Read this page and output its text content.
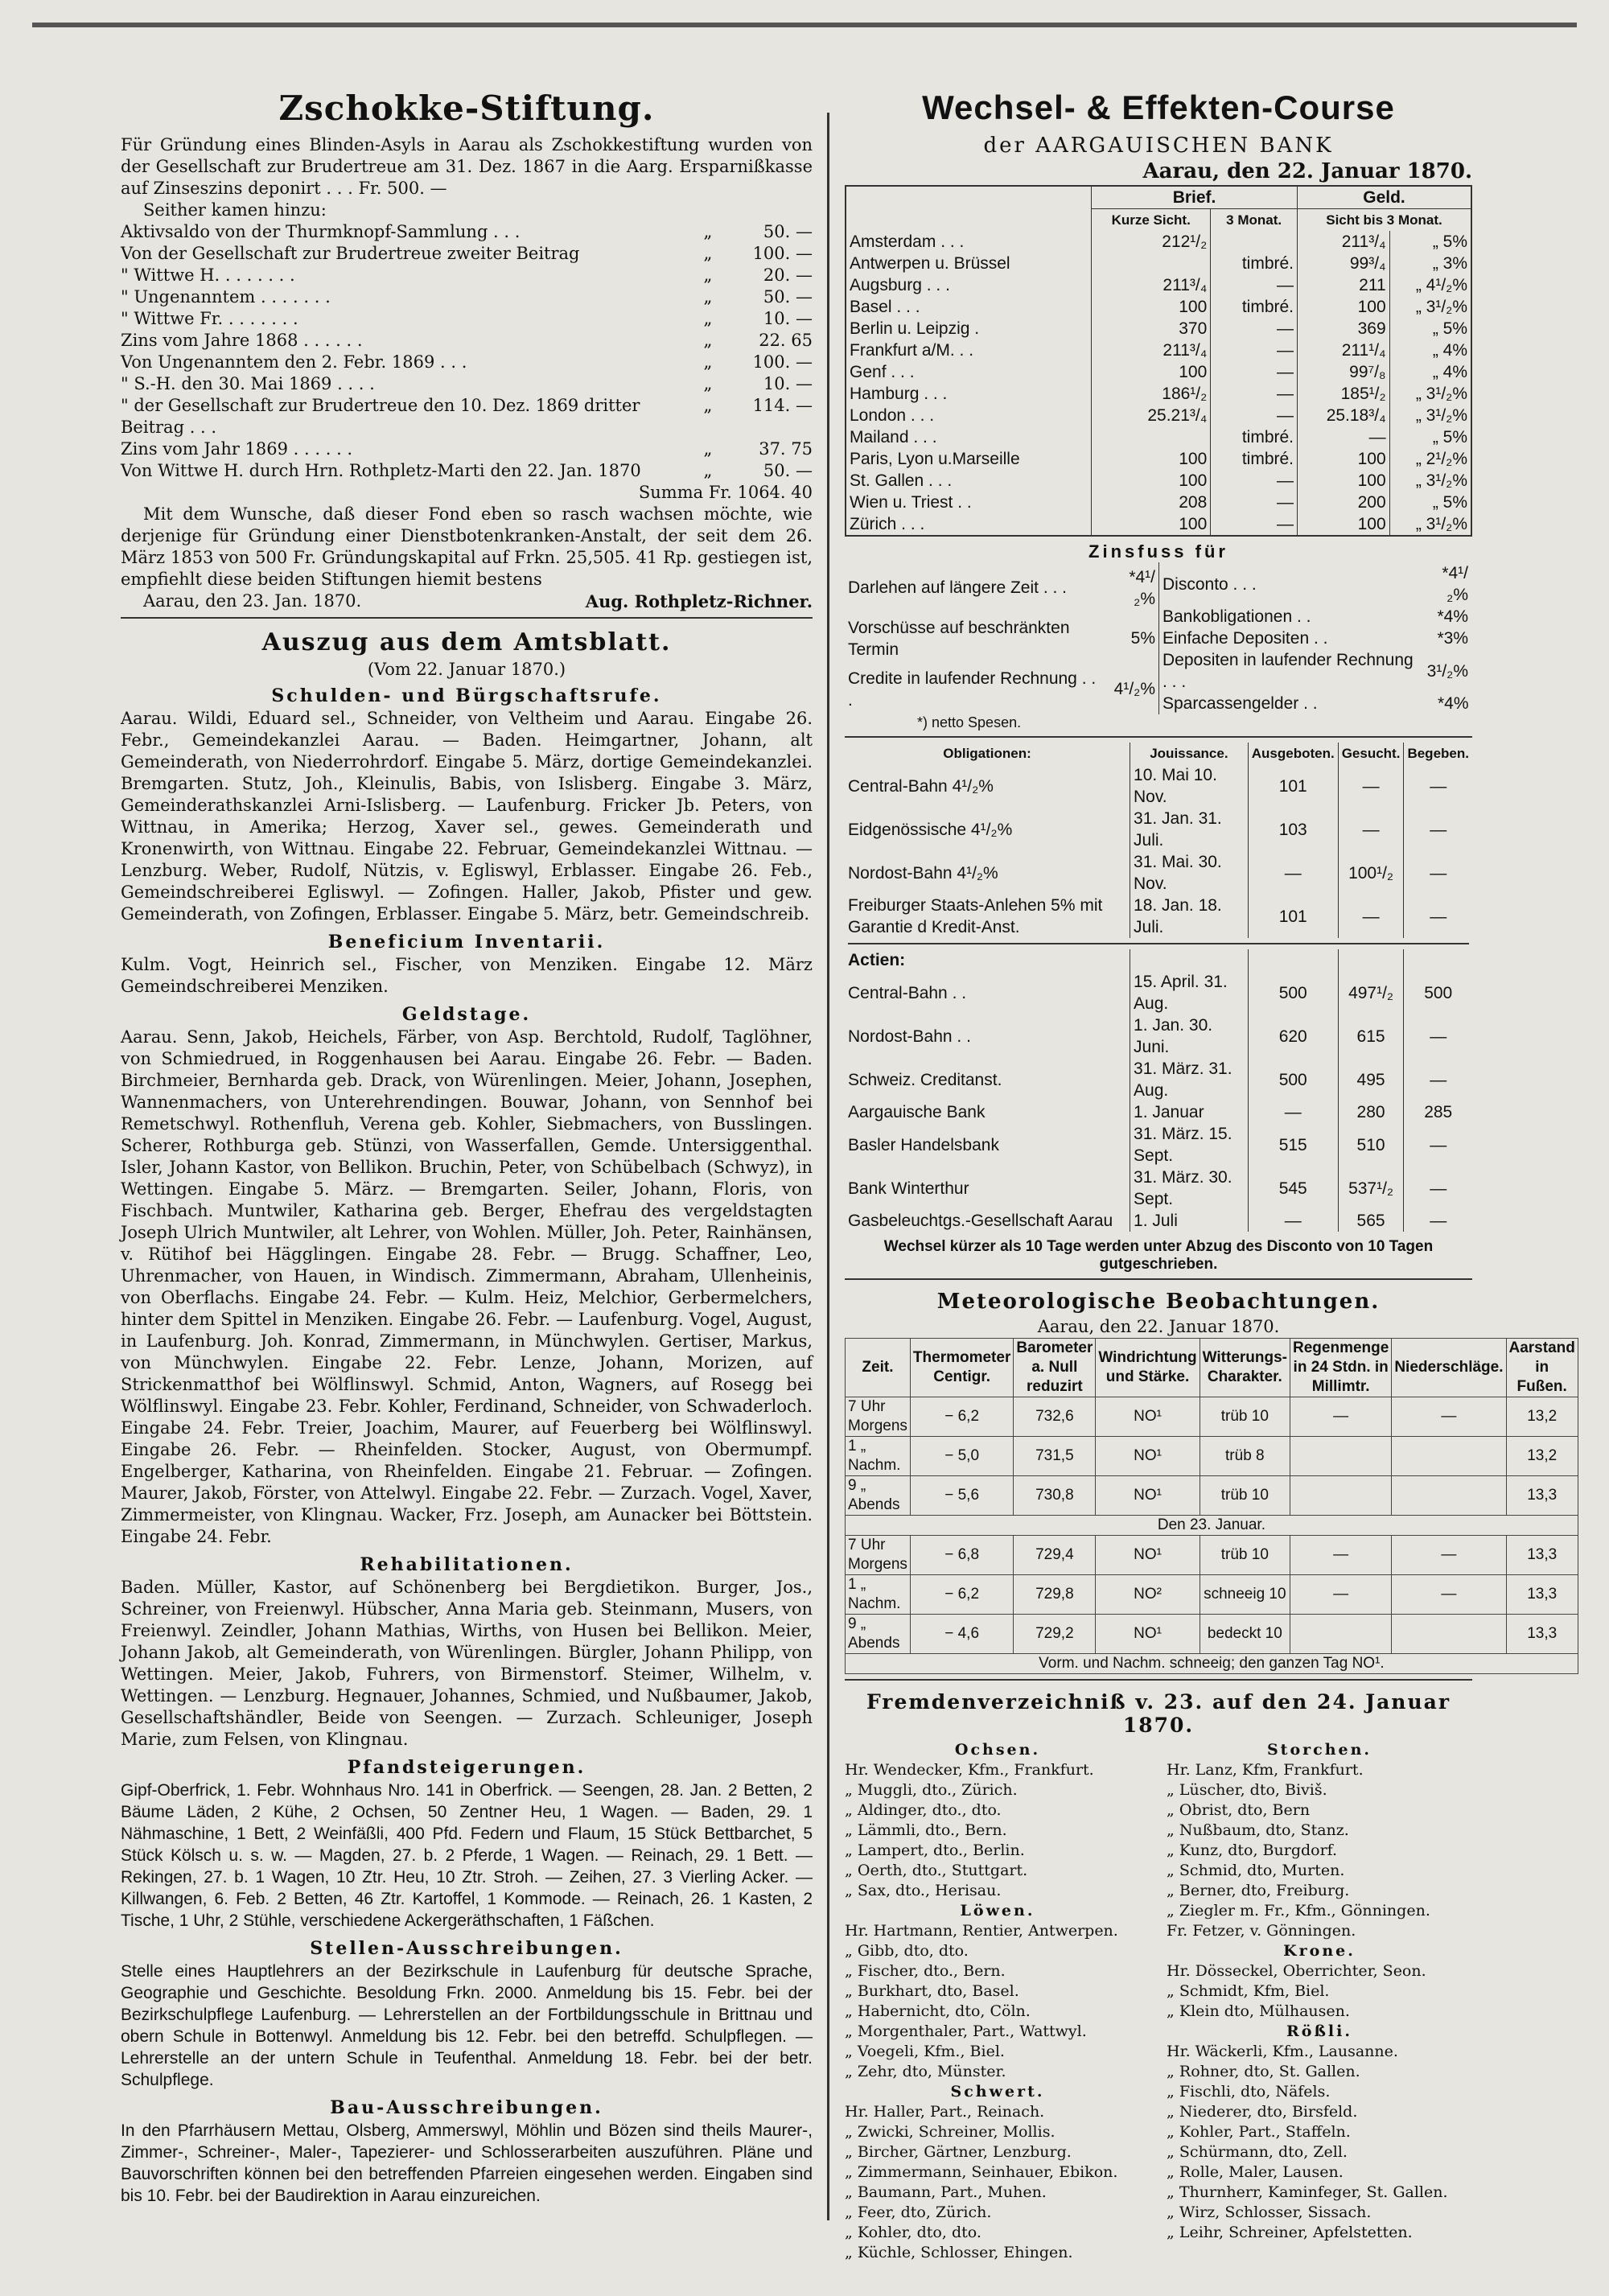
Zschokke-Stiftung.

Für Gründung eines Blinden-Asyls in Aarau als Zschokkestiftung wurden von der Gesellschaft zur Brudertreue am 31. Dez. 1867 in die Aarg. Ersparnißkasse auf Zinseszins deponirt . . . Fr. 500. —

Seither kamen hinzu:

Aktivsaldo von der Thurmknopf-Sammlung . . .	„	50. —
Von der Gesellschaft zur Brudertreue zweiter Beitrag	„	100. —
" Wittwe H. . . . . . . .	„	20. —
" Ungenanntem . . . . . . .	„	50. —
" Wittwe Fr. . . . . . . .	„	10. —
Zins vom Jahre 1868 . . . . . .	„	22. 65
Von Ungenanntem den 2. Febr. 1869 . . .	„	100. —
" S.-H. den 30. Mai 1869 . . . .	„	10. —
" der Gesellschaft zur Brudertreue den 10. Dez. 1869 dritter Beitrag . . .
„	114. —
Zins vom Jahr 1869 . . . . . .	„	37. 75
Von Wittwe H. durch Hrn. Rothpletz-Marti den 22. Jan. 1870	„	50. —
Summa Fr. 1064. 40

Mit dem Wunsche, daß dieser Fond eben so rasch wachsen möchte, wie derjenige für Gründung einer Dienstbotenkranken-Anstalt, der seit dem 26. März 1853 von 500 Fr. Gründungskapital auf Frkn. 25,505. 41 Rp. gestiegen ist, empfiehlt diese beiden Stiftungen hiemit bestens

Aarau, den 23. Jan. 1870.	Aug. Rothpletz-Richner.
Auszug aus dem Amtsblatt.
(Vom 22. Januar 1870.)
Schulden- und Bürgschaftsrufe.

Aarau. Wildi, Eduard sel., Schneider, von Veltheim und Aarau. Eingabe 26. Febr., Gemeindekanzlei Aarau. — Baden. Heimgartner, Johann, alt Gemeinderath, von Niederrohrdorf. Eingabe 5. März, dortige Gemeindekanzlei. Bremgarten. Stutz, Joh., Kleinulis, Babis, von Islisberg. Eingabe 3. März, Gemeinderathskanzlei Arni-Islisberg. — Laufenburg. Fricker Jb. Peters, von Wittnau, in Amerika; Herzog, Xaver sel., gewes. Gemeinderath und Kronenwirth, von Wittnau. Eingabe 22. Februar, Gemeindekanzlei Wittnau. — Lenzburg. Weber, Rudolf, Nützis, v. Egliswyl, Erblasser. Eingabe 26. Feb., Gemeindschreiberei Egliswyl. — Zofingen. Haller, Jakob, Pfister und gew. Gemeinderath, von Zofingen, Erblasser. Eingabe 5. März, betr. Gemeindschreib.

Beneficium Inventarii.

Kulm. Vogt, Heinrich sel., Fischer, von Menziken. Eingabe 12. März Gemeindschreiberei Menziken.

Geldstage.

Aarau. Senn, Jakob, Heichels, Färber, von Asp. Berchtold, Rudolf, Taglöhner, von Schmiedrued, in Roggenhausen bei Aarau. Eingabe 26. Febr. — Baden. Birchmeier, Bernharda geb. Drack, von Würenlingen. Meier, Johann, Josephen, Wannenmachers, von Unterehrendingen. Bouwar, Johann, von Sennhof bei Remetschwyl. Rothenfluh, Verena geb. Kohler, Siebmachers, von Busslingen. Scherer, Rothburga geb. Stünzi, von Wasserfallen, Gemde. Untersiggenthal. Isler, Johann Kastor, von Bellikon. Bruchin, Peter, von Schübelbach (Schwyz), in Wettingen. Eingabe 5. März. — Bremgarten. Seiler, Johann, Floris, von Fischbach. Muntwiler, Katharina geb. Berger, Ehefrau des vergeldstagten Joseph Ulrich Muntwiler, alt Lehrer, von Wohlen. Müller, Joh. Peter, Rainhänsen, v. Rütihof bei Hägglingen. Eingabe 28. Febr. — Brugg. Schaffner, Leo, Uhrenmacher, von Hauen, in Windisch. Zimmermann, Abraham, Ullenheinis, von Oberflachs. Eingabe 24. Febr. — Kulm. Heiz, Melchior, Gerbermelchers, hinter dem Spittel in Menziken. Eingabe 26. Febr. — Laufenburg. Vogel, August, in Laufenburg. Joh. Konrad, Zimmermann, in Münchwylen. Gertiser, Markus, von Münchwylen. Eingabe 22. Febr. Lenze, Johann, Morizen, auf Strickenmatthof bei Wölflinswyl. Schmid, Anton, Wagners, auf Rosegg bei Wölflinswyl. Eingabe 23. Febr. Kohler, Ferdinand, Schneider, von Schwaderloch. Eingabe 24. Febr. Treier, Joachim, Maurer, auf Feuerberg bei Wölflinswyl. Eingabe 26. Febr. — Rheinfelden. Stocker, August, von Obermumpf. Engelberger, Katharina, von Rheinfelden. Eingabe 21. Februar. — Zofingen. Maurer, Jakob, Förster, von Attelwyl. Eingabe 22. Febr. — Zurzach. Vogel, Xaver, Zimmermeister, von Klingnau. Wacker, Frz. Joseph, am Aunacker bei Böttstein. Eingabe 24. Febr.

Rehabilitationen.

Baden. Müller, Kastor, auf Schönenberg bei Bergdietikon. Burger, Jos., Schreiner, von Freienwyl. Hübscher, Anna Maria geb. Steinmann, Musers, von Freienwyl. Zeindler, Johann Mathias, Wirths, von Husen bei Bellikon. Meier, Johann Jakob, alt Gemeinderath, von Würenlingen. Bürgler, Johann Philipp, von Wettingen. Meier, Jakob, Fuhrers, von Birmenstorf. Steimer, Wilhelm, v. Wettingen. — Lenzburg. Hegnauer, Johannes, Schmied, und Nußbaumer, Jakob, Gesellschaftshändler, Beide von Seengen. — Zurzach. Schleuniger, Joseph Marie, zum Felsen, von Klingnau.

Pfandsteigerungen.

Gipf-Oberfrick, 1. Febr. Wohnhaus Nro. 141 in Oberfrick. — Seengen, 28. Jan. 2 Betten, 2 Bäume Läden, 2 Kühe, 2 Ochsen, 50 Zentner Heu, 1 Wagen. — Baden, 29. 1 Nähmaschine, 1 Bett, 2 Weinfäßli, 400 Pfd. Federn und Flaum, 15 Stück Bettbarchet, 5 Stück Kölsch u. s. w. — Magden, 27. b. 2 Pferde, 1 Wagen. — Reinach, 29. 1 Bett. — Rekingen, 27. b. 1 Wagen, 10 Ztr. Heu, 10 Ztr. Stroh. — Zeihen, 27. 3 Vierling Acker. — Killwangen, 6. Feb. 2 Betten, 46 Ztr. Kartoffel, 1 Kommode. — Reinach, 26. 1 Kasten, 2 Tische, 1 Uhr, 2 Stühle, verschiedene Ackergeräthschaften, 1 Fäßchen.

Stellen-Ausschreibungen.

Stelle eines Hauptlehrers an der Bezirkschule in Laufenburg für deutsche Sprache, Geographie und Geschichte. Besoldung Frkn. 2000. Anmeldung bis 15. Febr. bei der Bezirkschulpflege Laufenburg. — Lehrerstellen an der Fortbildungsschule in Brittnau und obern Schule in Bottenwyl. Anmeldung bis 12. Febr. bei den betreffd. Schulpflegen. — Lehrerstelle an der untern Schule in Teufenthal. Anmeldung 18. Febr. bei der betr. Schulpflege.

Bau-Ausschreibungen.

In den Pfarrhäusern Mettau, Olsberg, Ammerswyl, Möhlin und Bözen sind theils Maurer-, Zimmer-, Schreiner-, Maler-, Tapezierer- und Schlosserarbeiten auszuführen. Pläne und Bauvorschriften können bei den betreffenden Pfarreien eingesehen werden. Eingaben sind bis 10. Febr. bei der Baudirektion in Aarau einzureichen.

Wechsel- & Effekten-Course
der AARGAUISCHEN BANK
Aarau, den 22. Januar 1870.
	Brief.		Geld.	
	Kurze Sicht.	3 Monat.	Sicht bis 3 Monat.	
Amsterdam . . .	212¹/₂		211³/₄	„ 5%
Antwerpen u. Brüssel		timbré.	99³/₄	„ 3%
Augsburg . . .	211³/₄	—	211	„ 4¹/₂%
Basel . . .	100	timbré.	100	„ 3¹/₂%
Berlin u. Leipzig .	370	—	369	„ 5%
Frankfurt a/M. . .	211³/₄	—	211¹/₄	„ 4%
Genf . . .	100	—	99⁷/₈	„ 4%
Hamburg . . .	186¹/₂	—	185¹/₂	„ 3¹/₂%
London . . .	25.21³/₄	—	25.18³/₄	„ 3¹/₂%
Mailand . . .		timbré.	—	„ 5%
Paris, Lyon u.Marseille	100	timbré.	100	„ 2¹/₂%
St. Gallen . . .	100	—	100	„ 3¹/₂%
Wien u. Triest . .	208	—	200	„ 5%
Zürich . . .	100	—	100	„ 3¹/₂%
Zinsfuss für
Darlehen auf längere Zeit . . .	*4¹/₂%
Vorschüsse auf beschränkten Termin	5%
Credite in laufender Rechnung . . .	4¹/₂%
Disconto . . .	*4¹/₂%
Bankobligationen . .	*4%
Einfache Depositen . .	*3%
Depositen in laufender Rechnung . . .	3¹/₂%
Sparcassengelder . .	*4%
*) netto Spesen.
Obligationen:	Jouissance.	Ausgeboten.	Gesucht.	Begeben.
Central-Bahn 4¹/₂%	10. Mai 10. Nov.	101	—	—
Eidgenössische 4¹/₂%	31. Jan. 31. Juli.	103	—	—
Nordost-Bahn 4¹/₂%	31. Mai. 30. Nov.	—	100¹/₂	—
Freiburger Staats-Anlehen 5% mit Garantie d Kredit-Anst.	18. Jan. 18. Juli.	101	—	—

Actien:				
Central-Bahn . .	15. April. 31. Aug.	500	497¹/₂	500
Nordost-Bahn . .	1. Jan. 30. Juni.	620	615	—
Schweiz. Creditanst.	31. März. 31. Aug.	500	495	—
Aargauische Bank	1. Januar	—	280	285
Basler Handelsbank	31. März. 15. Sept.	515	510	—
Bank Winterthur	31. März. 30. Sept.	545	537¹/₂	—
Gasbeleuchtgs.-Gesellschaft Aarau	1. Juli	—	565	—
Wechsel kürzer als 10 Tage werden unter Abzug des Disconto von 10 Tagen gutgeschrieben.
Meteorologische Beobachtungen.
Aarau, den 22. Januar 1870.
Zeit.	Thermometer Centigr.	Barometer a. Null reduzirt	Windrichtung und Stärke.	Witterungs-Charakter.	Regenmenge in 24 Stdn. in Millimtr.	Niederschläge.	Aarstand in Fußen.
7 Uhr Morgens	− 6,2	732,6	NO¹	trüb 10	—	—	13,2
1 „ Nachm.	− 5,0	731,5	NO¹	trüb 8			13,2
9 „ Abends	− 5,6	730,8	NO¹	trüb 10			13,3
Den 23. Januar.							
7 Uhr Morgens	− 6,8	729,4	NO¹	trüb 10	—	—	13,3
1 „ Nachm.	− 6,2	729,8	NO²	schneeig 10	—	—	13,3
9 „ Abends	− 4,6	729,2	NO¹	bedeckt 10			13,3
Vorm. und Nachm. schneeig; den ganzen Tag NO¹.							
Fremdenverzeichniß v. 23. auf den 24. Januar 1870.
Ochsen.
Hr. Wendecker, Kfm., Frankfurt.
„ Muggli, dto., Zürich.
„ Aldinger, dto., dto.
„ Lämmli, dto., Bern.
„ Lampert, dto., Berlin.
„ Oerth, dto., Stuttgart.
„ Sax, dto., Herisau.
Löwen.
Hr. Hartmann, Rentier, Antwerpen.
„ Gibb, dto, dto.
„ Fischer, dto., Bern.
„ Burkhart, dto, Basel.
„ Habernicht, dto, Cöln.
„ Morgenthaler, Part., Wattwyl.
„ Voegeli, Kfm., Biel.
„ Zehr, dto, Münster.
Schwert.
Hr. Haller, Part., Reinach.
„ Zwicki, Schreiner, Mollis.
„ Bircher, Gärtner, Lenzburg.
„ Zimmermann, Seinhauer, Ebikon.
„ Baumann, Part., Muhen.
„ Feer, dto, Zürich.
„ Kohler, dto, dto.
„ Küchle, Schlosser, Ehingen.
Storchen.
Hr. Lanz, Kfm, Frankfurt.
„ Lüscher, dto, Biviš.
„ Obrist, dto, Bern
„ Nußbaum, dto, Stanz.
„ Kunz, dto, Burgdorf.
„ Schmid, dto, Murten.
„ Berner, dto, Freiburg.
„ Ziegler m. Fr., Kfm., Gönningen.
Fr. Fetzer, v. Gönningen.
Krone.
Hr. Dösseckel, Oberrichter, Seon.
„ Schmidt, Kfm, Biel.
„ Klein dto, Mülhausen.
Rößli.
Hr. Wäckerli, Kfm., Lausanne.
„ Rohner, dto, St. Gallen.
„ Fischli, dto, Näfels.
„ Niederer, dto, Birsfeld.
„ Kohler, Part., Staffeln.
„ Schürmann, dto, Zell.
„ Rolle, Maler, Lausen.
„ Thurnherr, Kaminfeger, St. Gallen.
„ Wirz, Schlosser, Sissach.
„ Leihr, Schreiner, Apfelstetten.
